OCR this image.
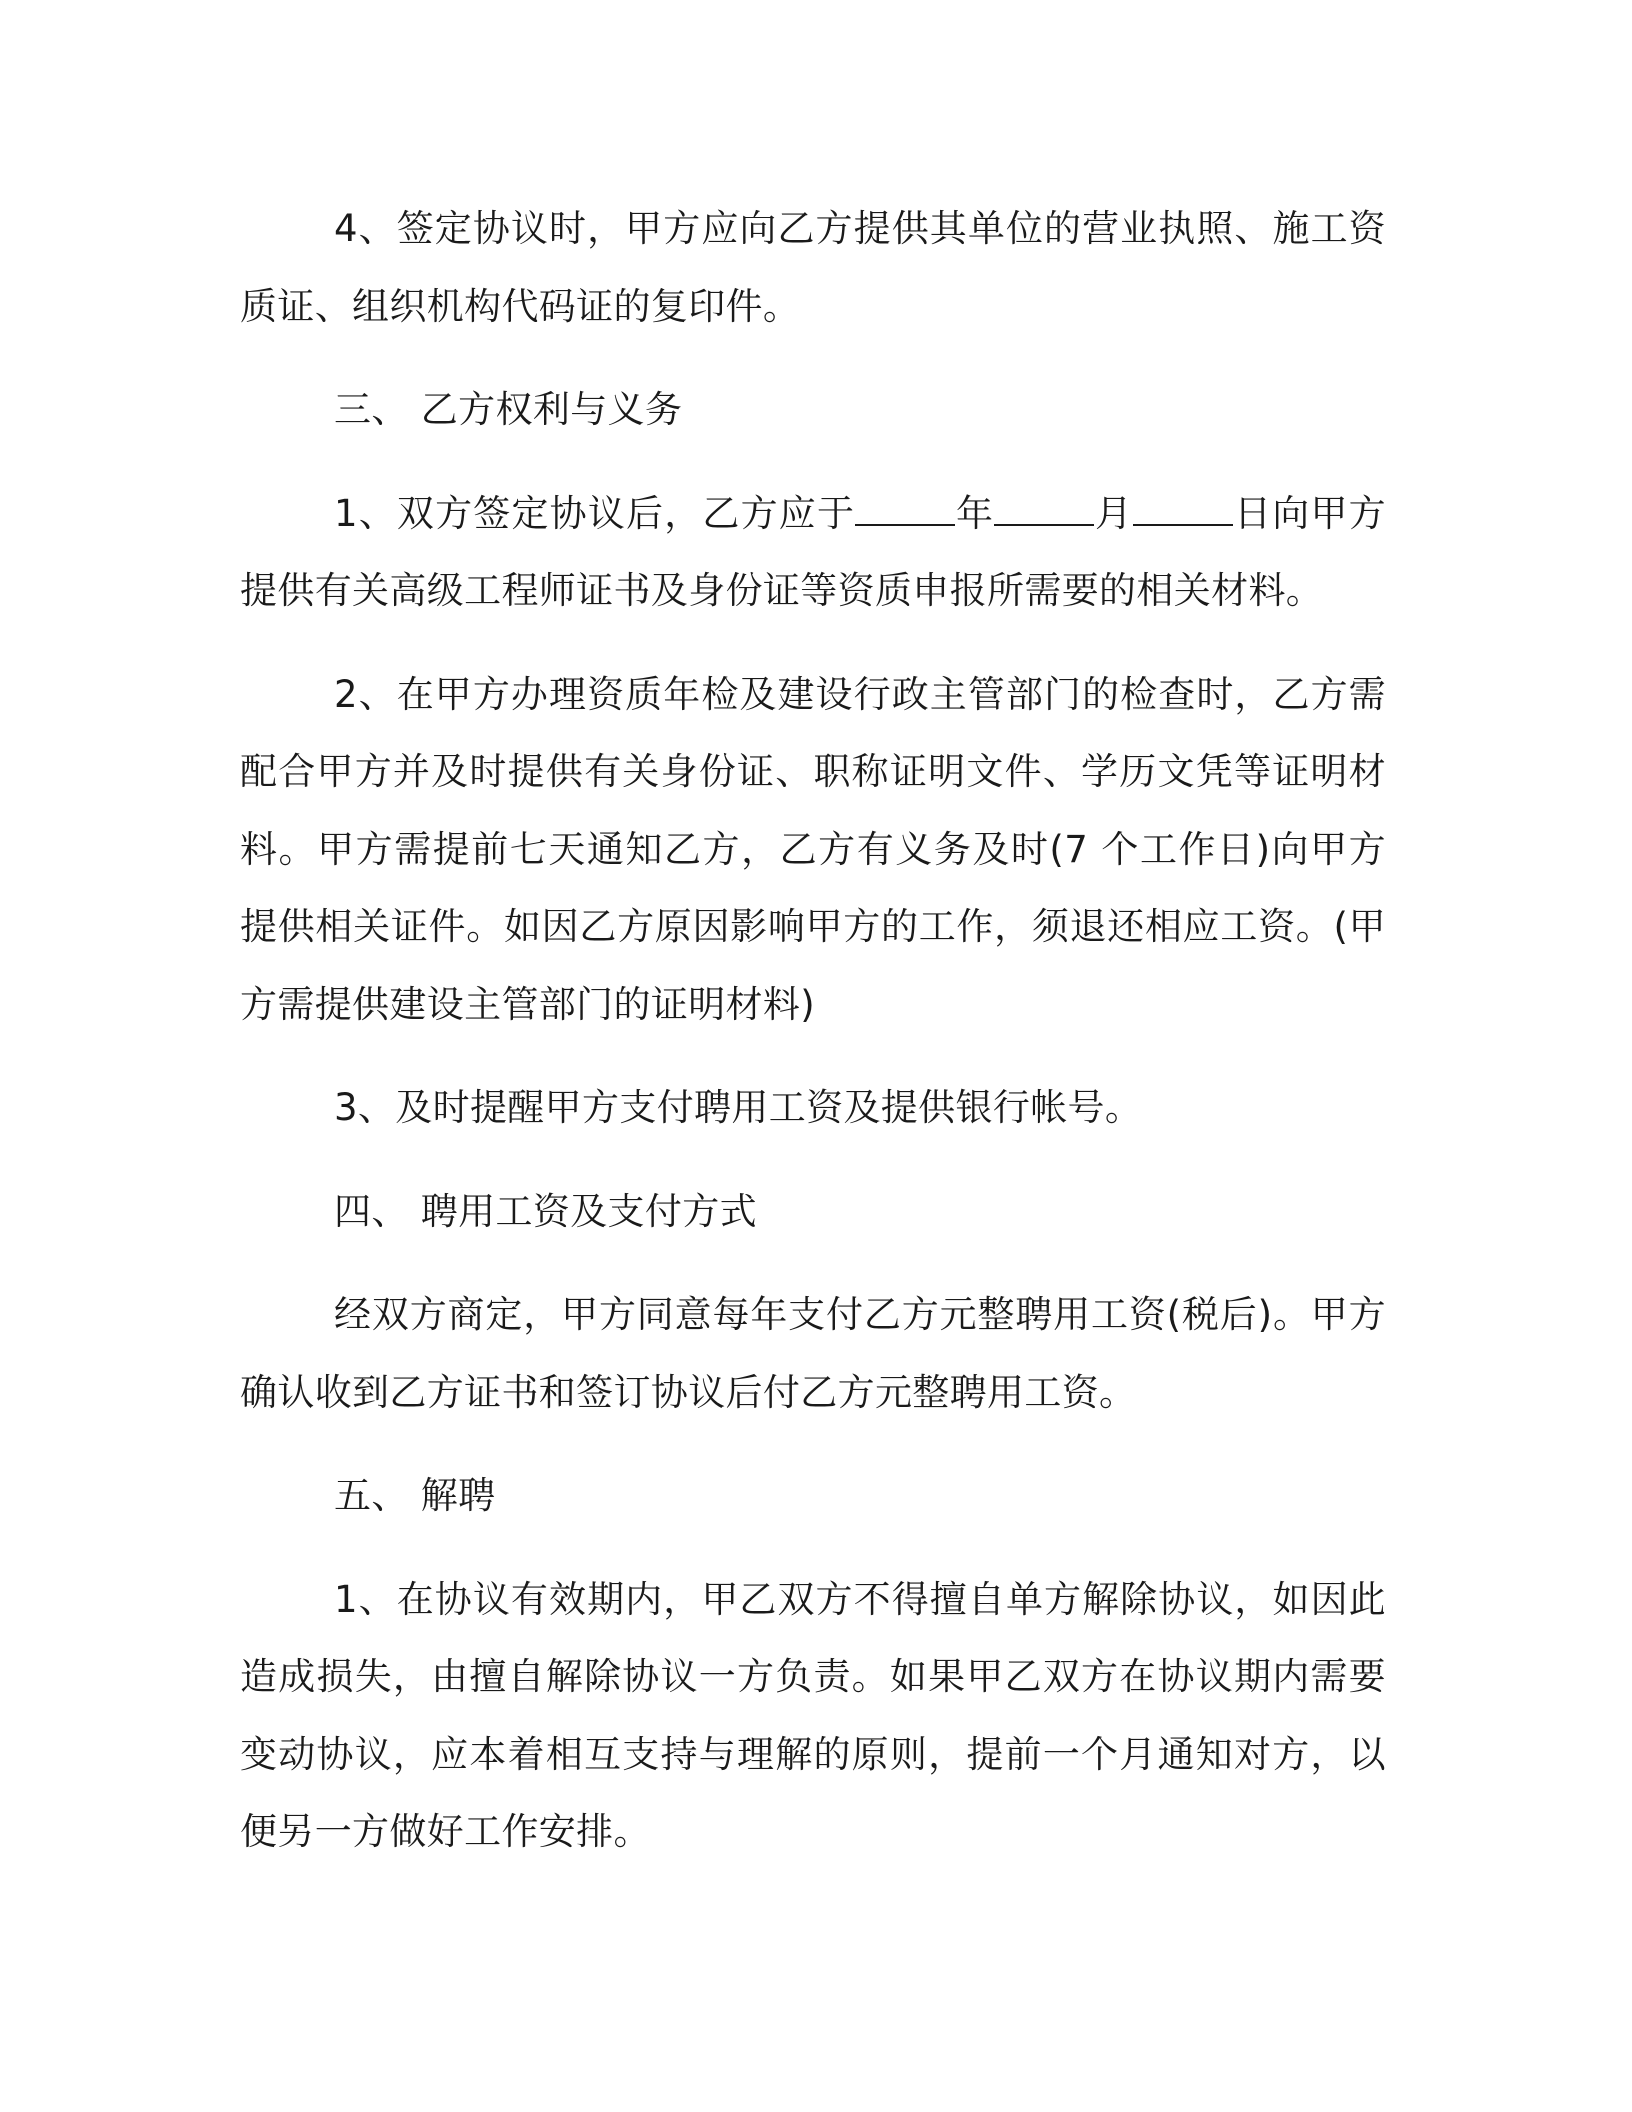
4、签定协议时，甲方应向乙方提供其单位的营业执照、施工资质证、组织机构代码证的复印件。

三、 乙方权利与义务

1、双方签定协议后，乙方应于	年	月	日向甲方提供有关高级工程师证书及身份证等资质申报所需要的相关材料。

2、在甲方办理资质年检及建设行政主管部门的检查时，乙方需配合甲方并及时提供有关身份证、职称证明文件、学历文凭等证明材料。甲方需提前七天通知乙方，乙方有义务及时(7 个工作日)向甲方提供相关证件。如因乙方原因影响甲方的工作，须退还相应工资。(甲方需提供建设主管部门的证明材料)

3、及时提醒甲方支付聘用工资及提供银行帐号。

四、 聘用工资及支付方式

经双方商定，甲方同意每年支付乙方元整聘用工资(税后)。甲方确认收到乙方证书和签订协议后付乙方元整聘用工资。

五、 解聘

1、在协议有效期内，甲乙双方不得擅自单方解除协议，如因此造成损失，由擅自解除协议一方负责。如果甲乙双方在协议期内需要变动协议，应本着相互支持与理解的原则，提前一个月通知对方，以便另一方做好工作安排。
